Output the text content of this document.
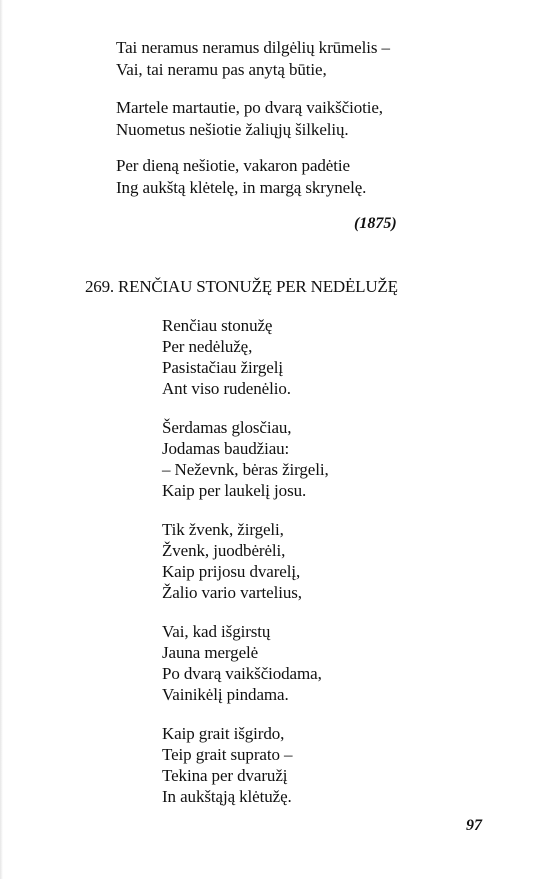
Tai neramus neramus dilgėlių krūmelis –
Vai, tai neramu pas anytą būtie,
Martele martautie, po dvarą vaikščiotie,
Nuometus nešiotie žaliųjų šilkelių.
Per dieną nešiotie, vakaron padėtie
Ing aukštą klėtelę, in margą skrynelę.
(1875)
269. RENČIAU STONUŽĘ PER NEDĖLUŽĘ
Renčiau stonužę
Per nedėlužę,
Pasistačiau žirgelį
Ant viso rudenėlio.
Šerdamas glosčiau,
Jodamas baudžiau:
– Neževnk, bėras žirgeli,
Kaip per laukelį josu.
Tik žvenk, žirgeli,
Žvenk, juodbėrėli,
Kaip prijosu dvarelį,
Žalio vario vartelius,
Vai, kad išgirstų
Jauna mergelė
Po dvarą vaikščiodama,
Vainikėlį pindama.
Kaip grait išgirdo,
Teip grait suprato –
Tekina per dvaružį
In aukštąją klėtužę.
97
